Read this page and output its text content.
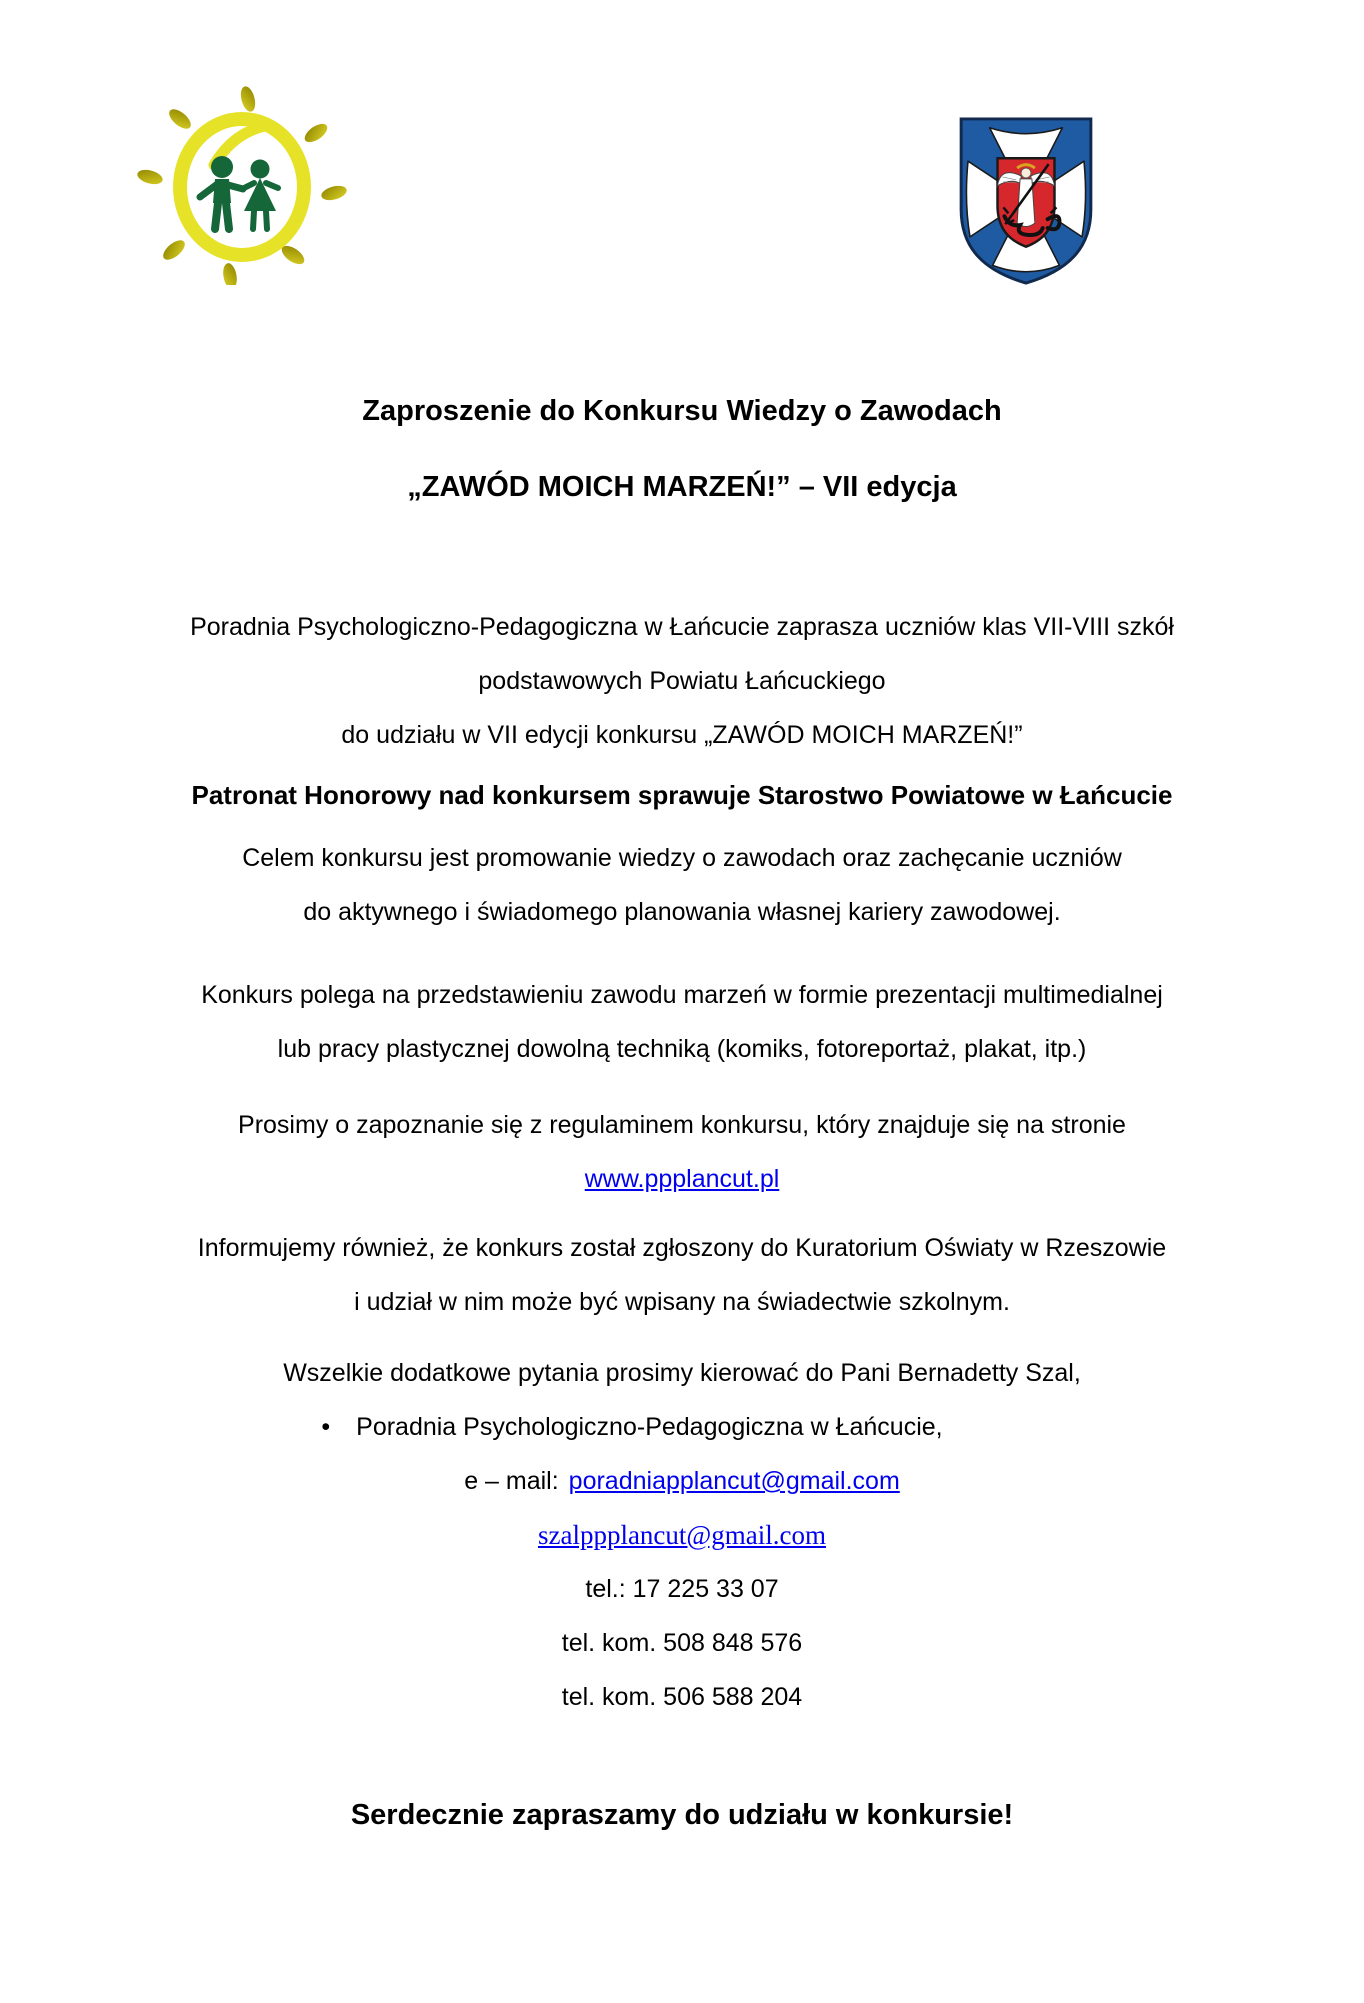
Zaproszenie do Konkursu Wiedzy o Zawodach
„ZAWÓD MOICH MARZEŃ!” – VII edycja

Poradnia Psychologiczno-Pedagogiczna w Łańcucie zaprasza uczniów klas VII-VIII szkół

podstawowych Powiatu Łańcuckiego

do udziału w VII edycji konkursu „ZAWÓD MOICH MARZEŃ!”

Patronat Honorowy nad konkursem sprawuje Starostwo Powiatowe w Łańcucie

Celem konkursu jest promowanie wiedzy o zawodach oraz zachęcanie uczniów

do aktywnego i świadomego planowania własnej kariery zawodowej.

Konkurs polega na przedstawieniu zawodu marzeń w formie prezentacji multimedialnej

lub pracy plastycznej dowolną techniką (komiks, fotoreportaż, plakat, itp.)

Prosimy o zapoznanie się z regulaminem konkursu, który znajduje się na stronie

www.ppplancut.pl

Informujemy również, że konkurs został zgłoszony do Kuratorium Oświaty w Rzeszowie

i udział w nim może być wpisany na świadectwie szkolnym.

Wszelkie dodatkowe pytania prosimy kierować do Pani Bernadetty Szal,

• Poradnia Psychologiczno-Pedagogiczna w Łańcucie,

e – mail: poradniapplancut@gmail.com

szalppplancut@gmail.com

tel.: 17 225 33 07

tel. kom. 508 848 576

tel. kom. 506 588 204

Serdecznie zapraszamy do udziału w konkursie!
